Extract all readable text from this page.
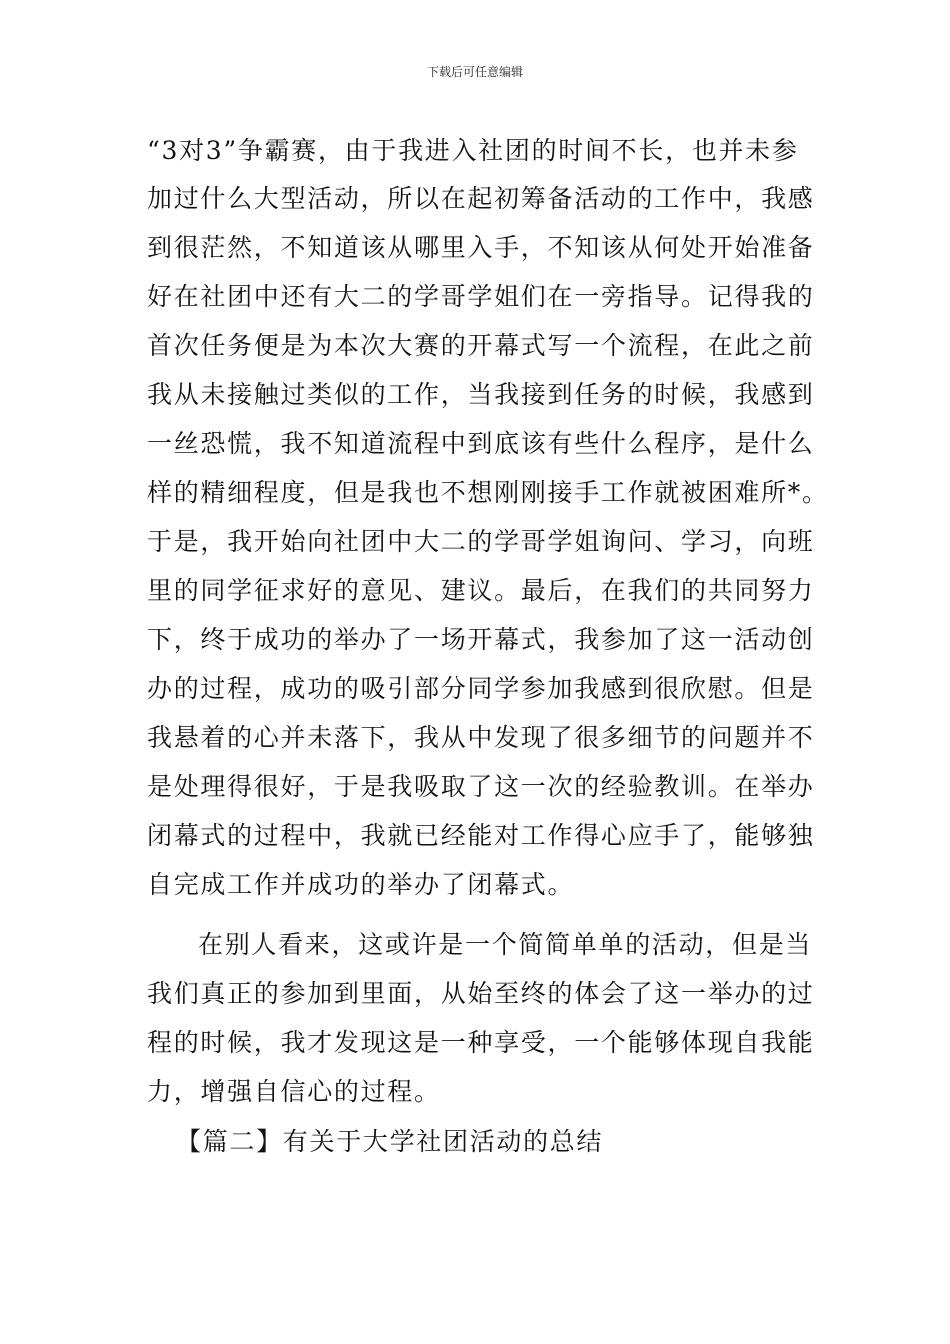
下载后可任意编辑
“3对3”争霸赛，由于我进入社团的时间不长，也并未参
加过什么大型活动，所以在起初筹备活动的工作中，我感
到很茫然，不知道该从哪里入手，不知该从何处开始准备
好在社团中还有大二的学哥学姐们在一旁指导。记得我的
首次任务便是为本次大赛的开幕式写一个流程，在此之前
我从未接触过类似的工作，当我接到任务的时候，我感到
一丝恐慌，我不知道流程中到底该有些什么程序，是什么
样的精细程度，但是我也不想刚刚接手工作就被困难所*。
于是，我开始向社团中大二的学哥学姐询问、学习，向班
里的同学征求好的意见、建议。最后，在我们的共同努力
下，终于成功的举办了一场开幕式，我参加了这一活动创
办的过程，成功的吸引部分同学参加我感到很欣慰。但是
我悬着的心并未落下，我从中发现了很多细节的问题并不
是处理得很好，于是我吸取了这一次的经验教训。在举办
闭幕式的过程中，我就已经能对工作得心应手了，能够独
自完成工作并成功的举办了闭幕式。
在别人看来，这或许是一个简简单单的活动，但是当
我们真正的参加到里面，从始至终的体会了这一举办的过
程的时候，我才发现这是一种享受，一个能够体现自我能
力，增强自信心的过程。
【篇二】有关于大学社团活动的总结
